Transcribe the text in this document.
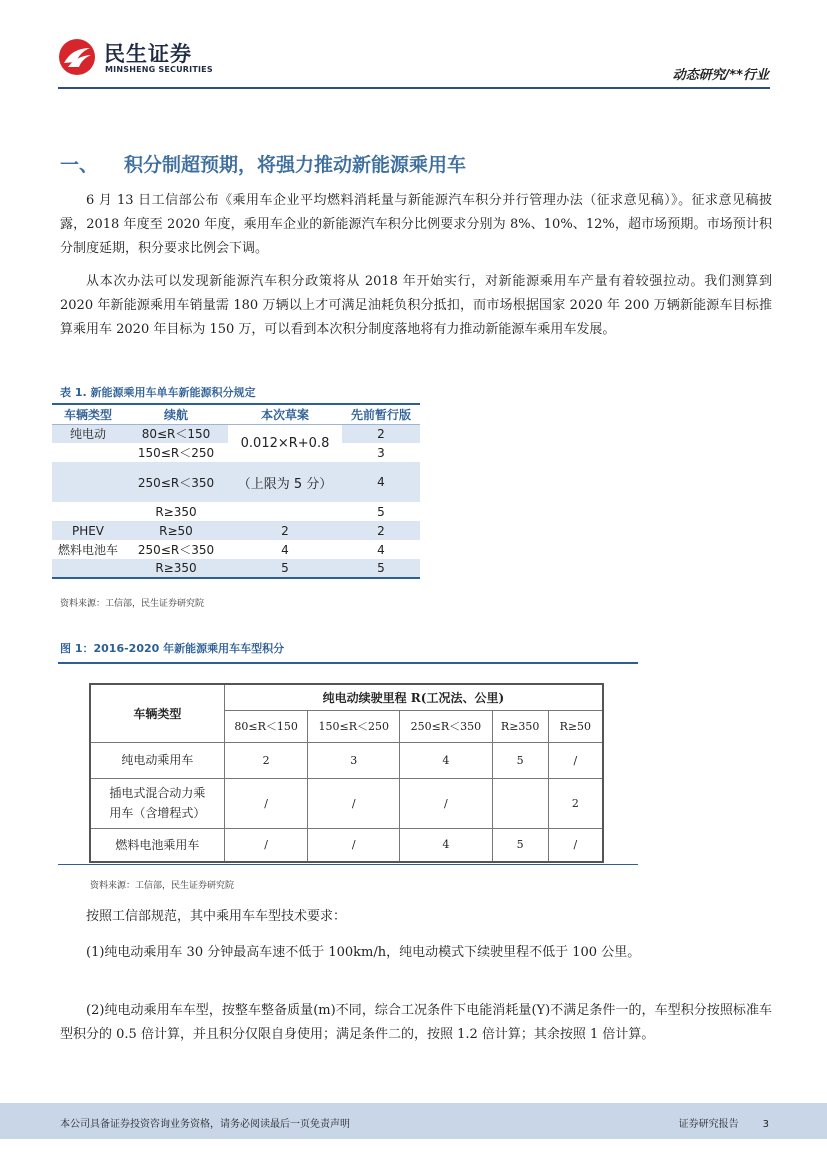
民生证券
MINSHENG SECURITIES	动态研究/**行业
一、 积分制超预期，将强力推动新能源乘用车

6 月 13 日工信部公布《乘用车企业平均燃料消耗量与新能源汽车积分并行管理办法（征求意见稿）》。征求意见稿披露，2018 年度至 2020 年度，乘用车企业的新能源汽车积分比例要求分别为 8%、10%、12%，超市场预期。市场预计积分制度延期，积分要求比例会下调。

从本次办法可以发现新能源汽车积分政策将从 2018 年开始实行，对新能源乘用车产量有着较强拉动。我们测算到 2020 年新能源乘用车销量需 180 万辆以上才可满足油耗负积分抵扣，而市场根据国家 2020 年 200 万辆新能源车目标推算乘用车 2020 年目标为 150 万，可以看到本次积分制度落地将有力推动新能源车乘用车发展。

表 1. 新能源乘用车单车新能源积分规定
车辆类型	续航	本次草案	先前暂行版
纯电动	80≤R＜150	0.012×R+0.8	2
	150≤R＜250		3
	250≤R＜350	（上限为 5 分）	4
	R≥350		5
PHEV	R≥50	2	2
燃料电池车	250≤R＜350	4	4
	R≥350	5	5
资料来源：工信部，民生证券研究院
图 1：2016-2020 年新能源乘用车车型积分
车辆类型	纯电动续驶里程 R(工况法、公里)				
	80≤R＜150	150≤R＜250	250≤R＜350	R≥350	R≥50
纯电动乘用车	2	3	4	5	/

插电式混合动力乘
用车（含增程式）	/	/	/		2
燃料电池乘用车	/	/	4	5	/
资料来源：工信部，民生证券研究院

按照工信部规范，其中乘用车车型技术要求：

(1)纯电动乘用车 30 分钟最高车速不低于 100km/h，纯电动模式下续驶里程不低于 100 公里。

(2)纯电动乘用车车型，按整车整备质量(m)不同，综合工况条件下电能消耗量(Y)不满足条件一的，车型积分按照标准车型积分的 0.5 倍计算，并且积分仅限自身使用；满足条件二的，按照 1.2 倍计算；其余按照 1 倍计算。

本公司具备证券投资咨询业务资格，请务必阅读最后一页免责声明	证券研究报告 3
